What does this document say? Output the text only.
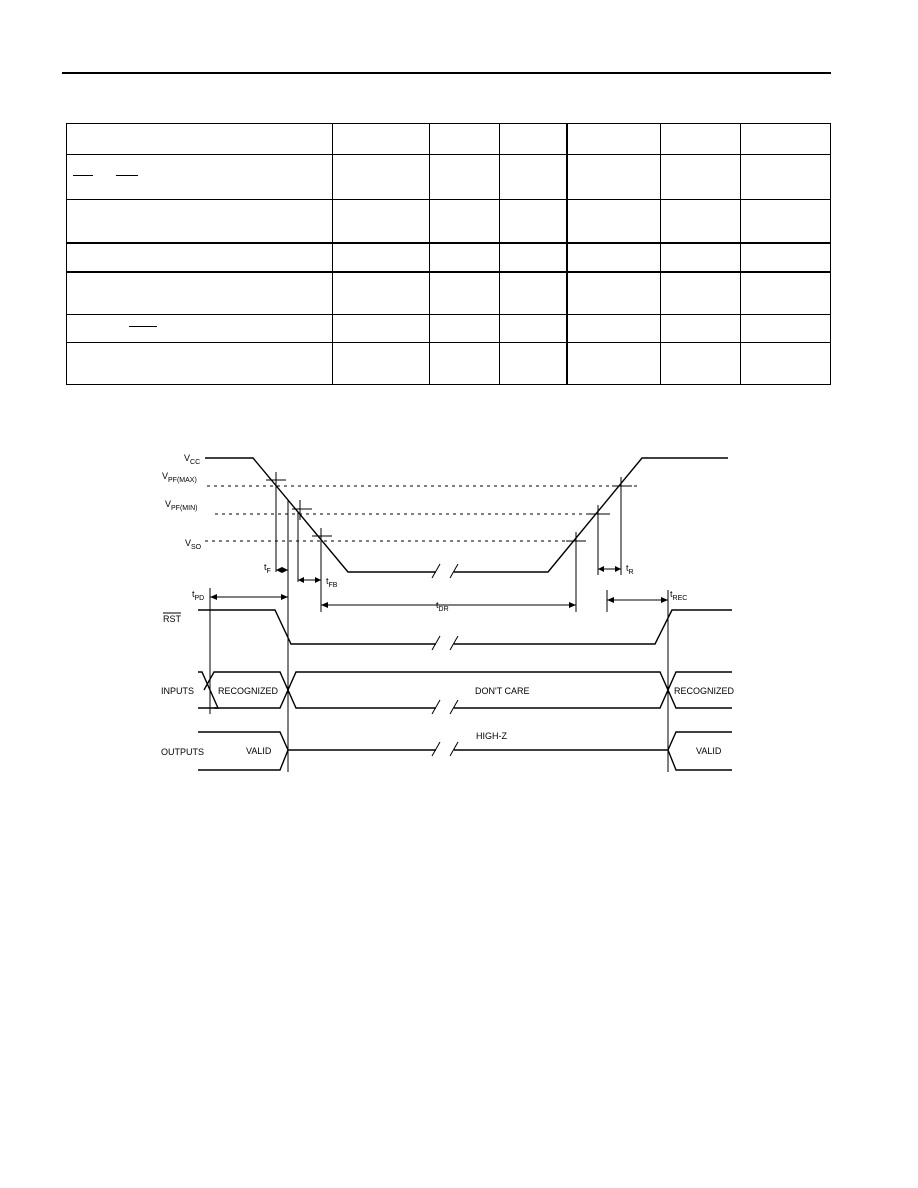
$V_{CC}$
$V_{PF(MAX)}$
$V_{PF(MIN)}$
$V_{SO}$
$t_F$
$t_{FB}$
$t_R$
$t_{PD}$
$t_{DR}$
$t_{REC}$
RST
INPUTS
OUTPUTS
RECOGNIZED	DON'T CARE	RECOGNIZED
VALID
HIGH-Z
VALID
